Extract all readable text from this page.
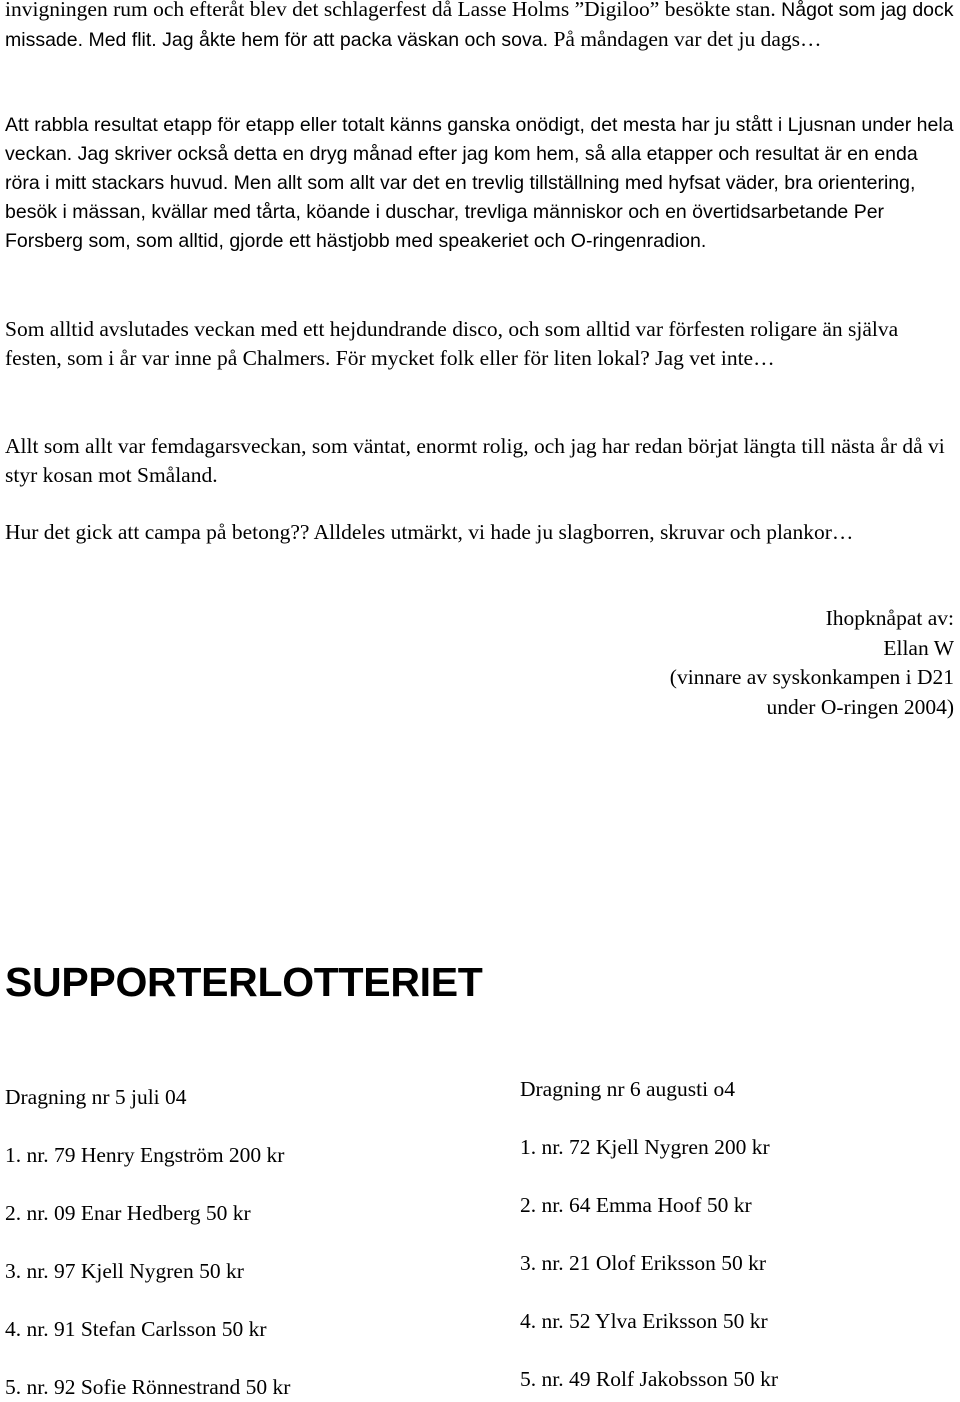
invigningen rum och efteråt blev det schlagerfest då Lasse Holms ”Digiloo” besökte stan. Något som jag dock missade. Med flit. Jag åkte hem för att packa väskan och sova. På måndagen var det ju dags…

Att rabbla resultat etapp för etapp eller totalt känns ganska onödigt, det mesta har ju stått i Ljusnan under hela veckan. Jag skriver också detta en dryg månad efter jag kom hem, så alla etapper och resultat är en enda röra i mitt stackars huvud. Men allt som allt var det en trevlig tillställning med hyfsat väder, bra orientering, besök i mässan, kvällar med tårta, köande i duschar, trevliga människor och en övertidsarbetande Per Forsberg som, som alltid, gjorde ett hästjobb med speakeriet och O-ringenradion.

Som alltid avslutades veckan med ett hejdundrande disco, och som alltid var förfesten roligare än själva festen, som i år var inne på Chalmers. För mycket folk eller för liten lokal? Jag vet inte…

Allt som allt var femdagarsveckan, som väntat, enormt rolig, och jag har redan börjat längta till nästa år då vi styr kosan mot Småland.

Hur det gick att campa på betong?? Alldeles utmärkt, vi hade ju slagborren, skruvar och plankor…

Ihopknåpat av:
Ellan W
(vinnare av syskonkampen i D21
under O-ringen 2004)
SUPPORTERLOTTERIET
Dragning nr 5 juli 04
1. nr. 79 Henry Engström 200 kr
2. nr. 09 Enar Hedberg 50 kr
3. nr. 97 Kjell Nygren 50 kr
4. nr. 91 Stefan Carlsson 50 kr
5. nr. 92 Sofie Rönnestrand 50 kr
Dragning nr 6 augusti o4
1. nr. 72 Kjell Nygren 200 kr
2. nr. 64 Emma Hoof 50 kr
3. nr. 21 Olof Eriksson 50 kr
4. nr. 52 Ylva Eriksson 50 kr
5. nr. 49 Rolf Jakobsson 50 kr
